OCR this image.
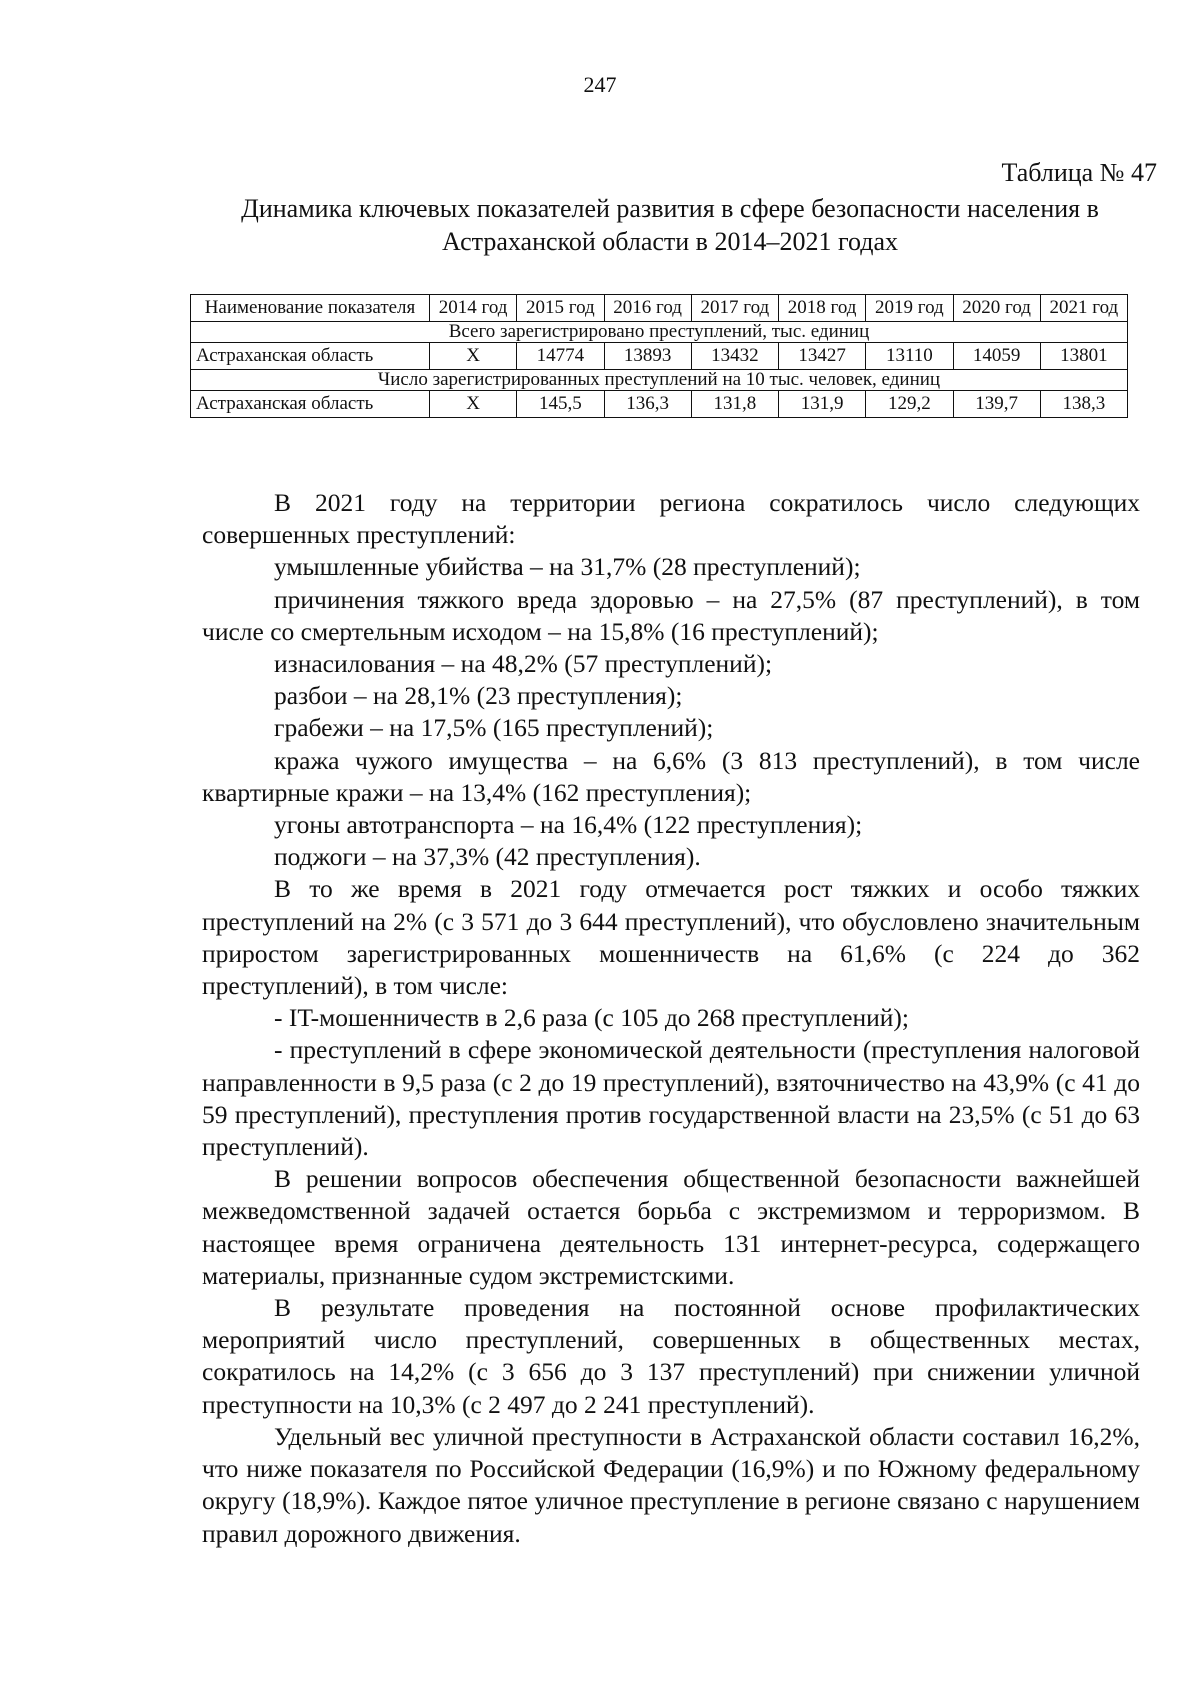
247
Таблица № 47
Динамика ключевых показателей развития в сфере безопасности населения в Астраханской области в 2014–2021 годах
Наименование показателя	2014 год	2015 год	2016 год	2017 год	2018 год	2019 год	2020 год	2021 год
Всего зарегистрировано преступлений, тыс. единиц								
Астраханская область	Х	14774	13893	13432	13427	13110	14059	13801
Число зарегистрированных преступлений на 10 тыс. человек, единиц								
Астраханская область	Х	145,5	136,3	131,8	131,9	129,2	139,7	138,3

В 2021 году на территории региона сократилось число следующих совершенных преступлений:

умышленные убийства – на 31,7% (28 преступлений);

причинения тяжкого вреда здоровью – на 27,5% (87 преступлений), в том числе со смертельным исходом – на 15,8% (16 преступлений);

изнасилования – на 48,2% (57 преступлений);

разбои – на 28,1% (23 преступления);

грабежи – на 17,5% (165 преступлений);

кража чужого имущества – на 6,6% (3 813 преступлений), в том числе квартирные кражи – на 13,4% (162 преступления);

угоны автотранспорта – на 16,4% (122 преступления);

поджоги – на 37,3% (42 преступления).

В то же время в 2021 году отмечается рост тяжких и особо тяжких преступлений на 2% (с 3 571 до 3 644 преступлений), что обусловлено значительным приростом зарегистрированных мошенничеств на 61,6% (с 224 до 362 преступлений), в том числе:

- IT-мошенничеств в 2,6 раза (с 105 до 268 преступлений);

- преступлений в сфере экономической деятельности (преступления налоговой направленности в 9,5 раза (с 2 до 19 преступлений), взяточничество на 43,9% (с 41 до 59 преступлений), преступления против государственной власти на 23,5% (с 51 до 63 преступлений).

В решении вопросов обеспечения общественной безопасности важнейшей межведомственной задачей остается борьба с экстремизмом и терроризмом. В настоящее время ограничена деятельность 131 интернет-ресурса, содержащего материалы, признанные судом экстремистскими.

В результате проведения на постоянной основе профилактических мероприятий число преступлений, совершенных в общественных местах, сократилось на 14,2% (с 3 656 до 3 137 преступлений) при снижении уличной преступности на 10,3% (с 2 497 до 2 241 преступлений).

Удельный вес уличной преступности в Астраханской области составил 16,2%, что ниже показателя по Российской Федерации (16,9%) и по Южному федеральному округу (18,9%). Каждое пятое уличное преступление в регионе связано с нарушением правил дорожного движения.
